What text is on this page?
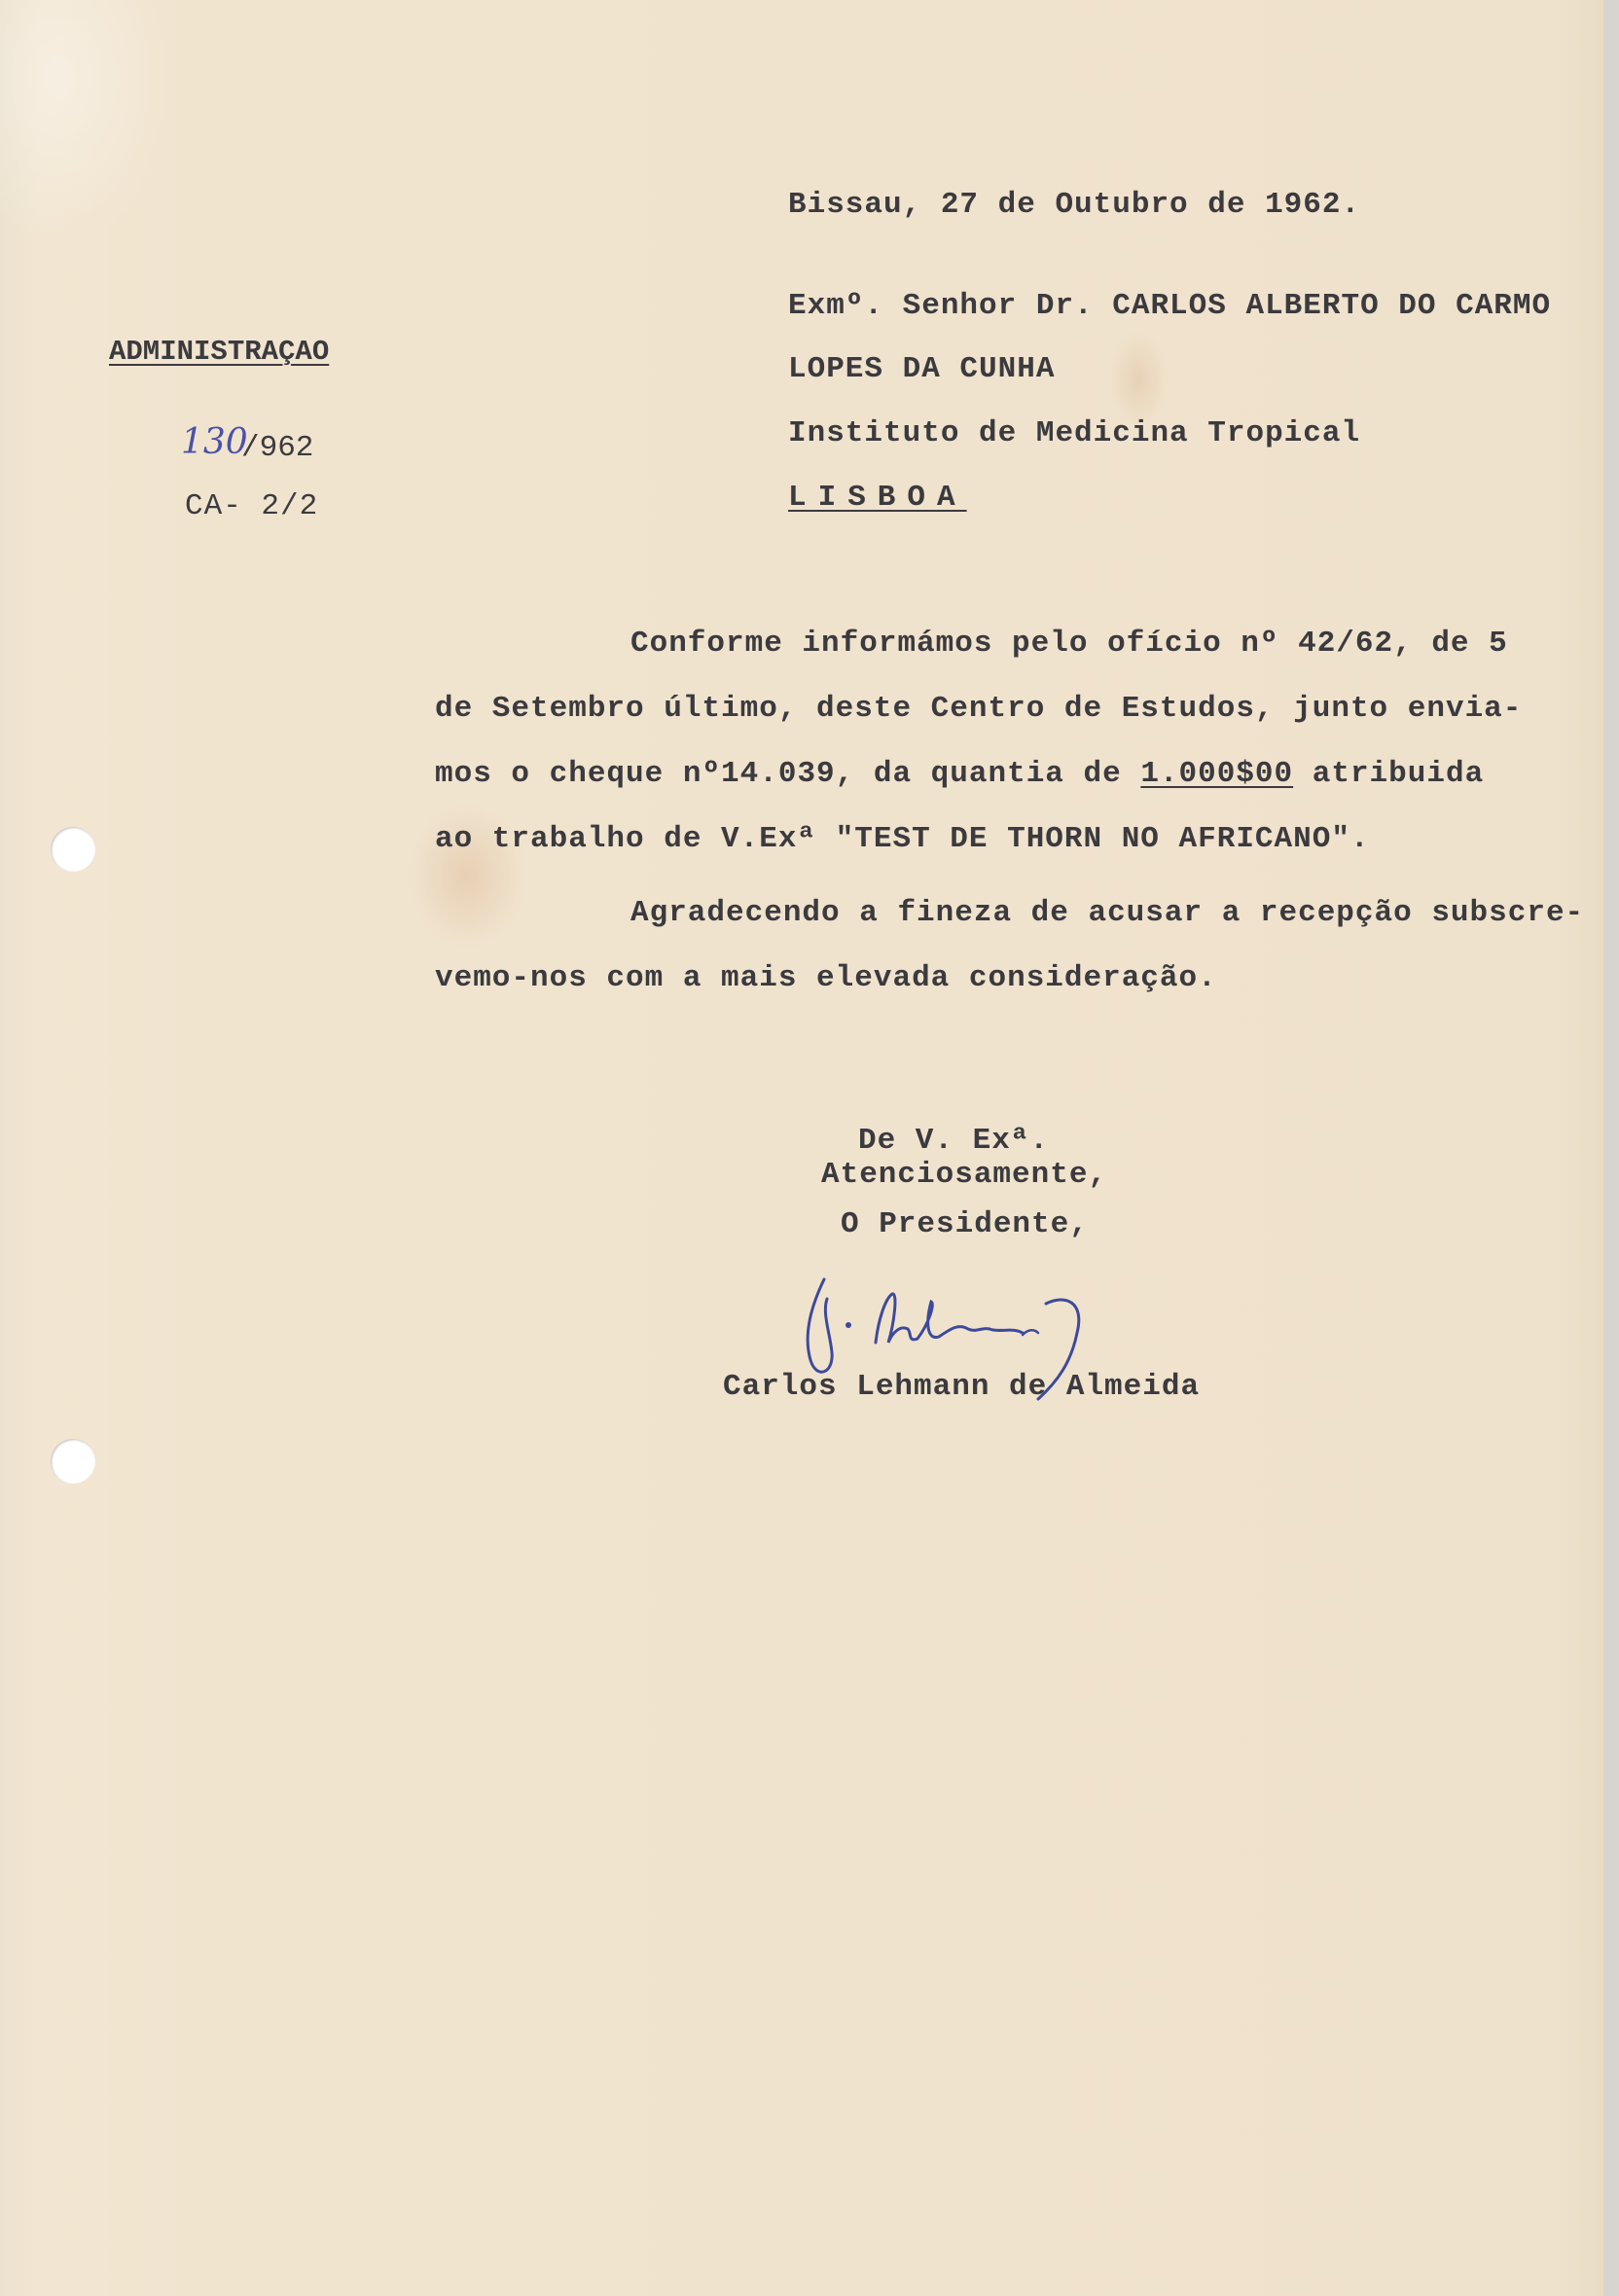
Bissau, 27 de Outubro de 1962.
ADMINISTRAÇAO
130
/962
CA- 2/2
Exmº. Senhor Dr. CARLOS ALBERTO DO CARMO
LOPES DA CUNHA
Instituto de Medicina Tropical
LISBOA
Conforme informámos pelo ofício nº 42/62, de 5
de Setembro último, deste Centro de Estudos, junto envia-
mos o cheque nº14.039, da quantia de 1.000$00 atribuida
ao trabalho de V.Exª "TEST DE THORN NO AFRICANO".
Agradecendo a fineza de acusar a recepção subscre-
vemo-nos com a mais elevada consideração.
De V. Exª.
Atenciosamente,
O Presidente,
Carlos Lehmann de Almeida
